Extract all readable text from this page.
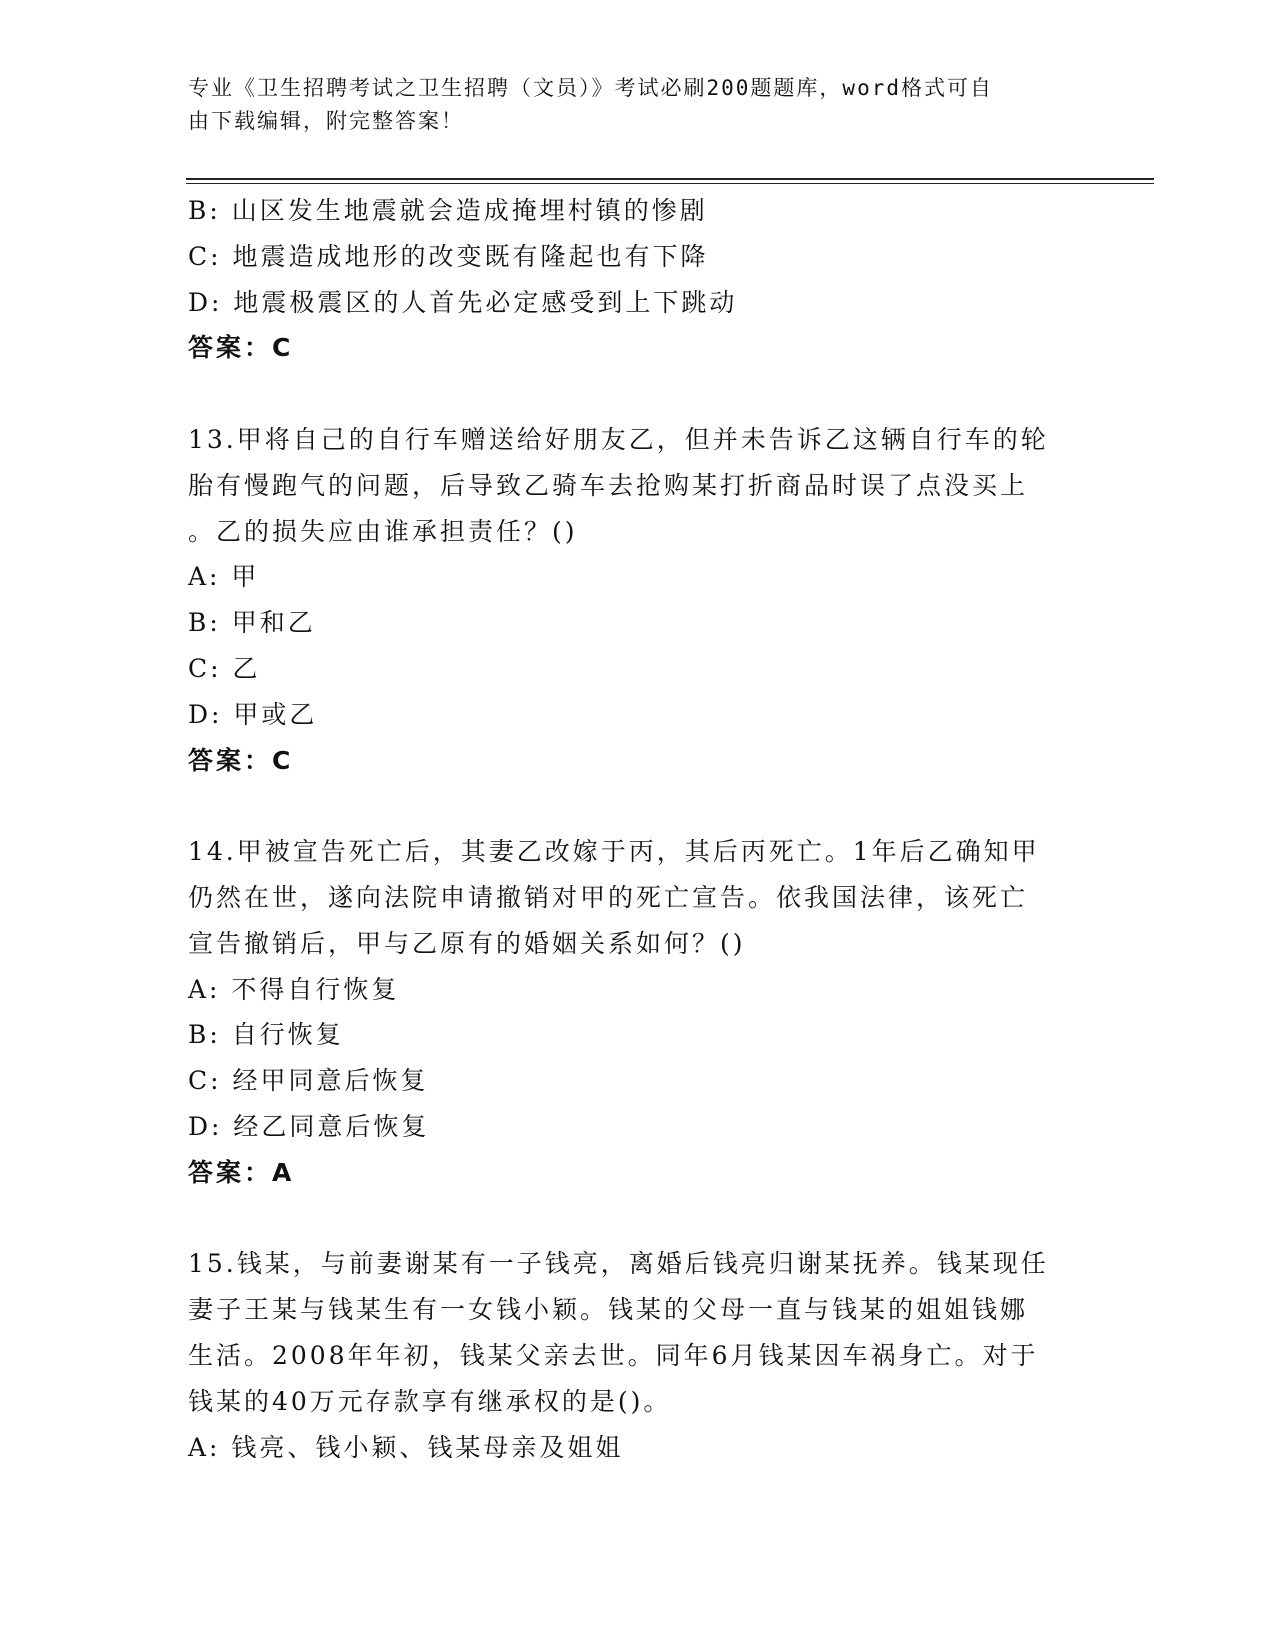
专业《卫生招聘考试之卫生招聘（文员）》考试必刷200题题库，word格式可自
由下载编辑，附完整答案！
B: 山区发生地震就会造成掩埋村镇的惨剧
C: 地震造成地形的改变既有隆起也有下降
D: 地震极震区的人首先必定感受到上下跳动
答案：C
13.甲将自己的自行车赠送给好朋友乙，但并未告诉乙这辆自行车的轮
胎有慢跑气的问题，后导致乙骑车去抢购某打折商品时误了点没买上
。乙的损失应由谁承担责任？()
A: 甲
B: 甲和乙
C: 乙
D: 甲或乙
答案：C
14.甲被宣告死亡后，其妻乙改嫁于丙，其后丙死亡。1年后乙确知甲
仍然在世，遂向法院申请撤销对甲的死亡宣告。依我国法律，该死亡
宣告撤销后，甲与乙原有的婚姻关系如何？()
A: 不得自行恢复
B: 自行恢复
C: 经甲同意后恢复
D: 经乙同意后恢复
答案：A
15.钱某，与前妻谢某有一子钱亮，离婚后钱亮归谢某抚养。钱某现任
妻子王某与钱某生有一女钱小颖。钱某的父母一直与钱某的姐姐钱娜
生活。2008年年初，钱某父亲去世。同年6月钱某因车祸身亡。对于
钱某的40万元存款享有继承权的是()。
A: 钱亮、钱小颖、钱某母亲及姐姐
